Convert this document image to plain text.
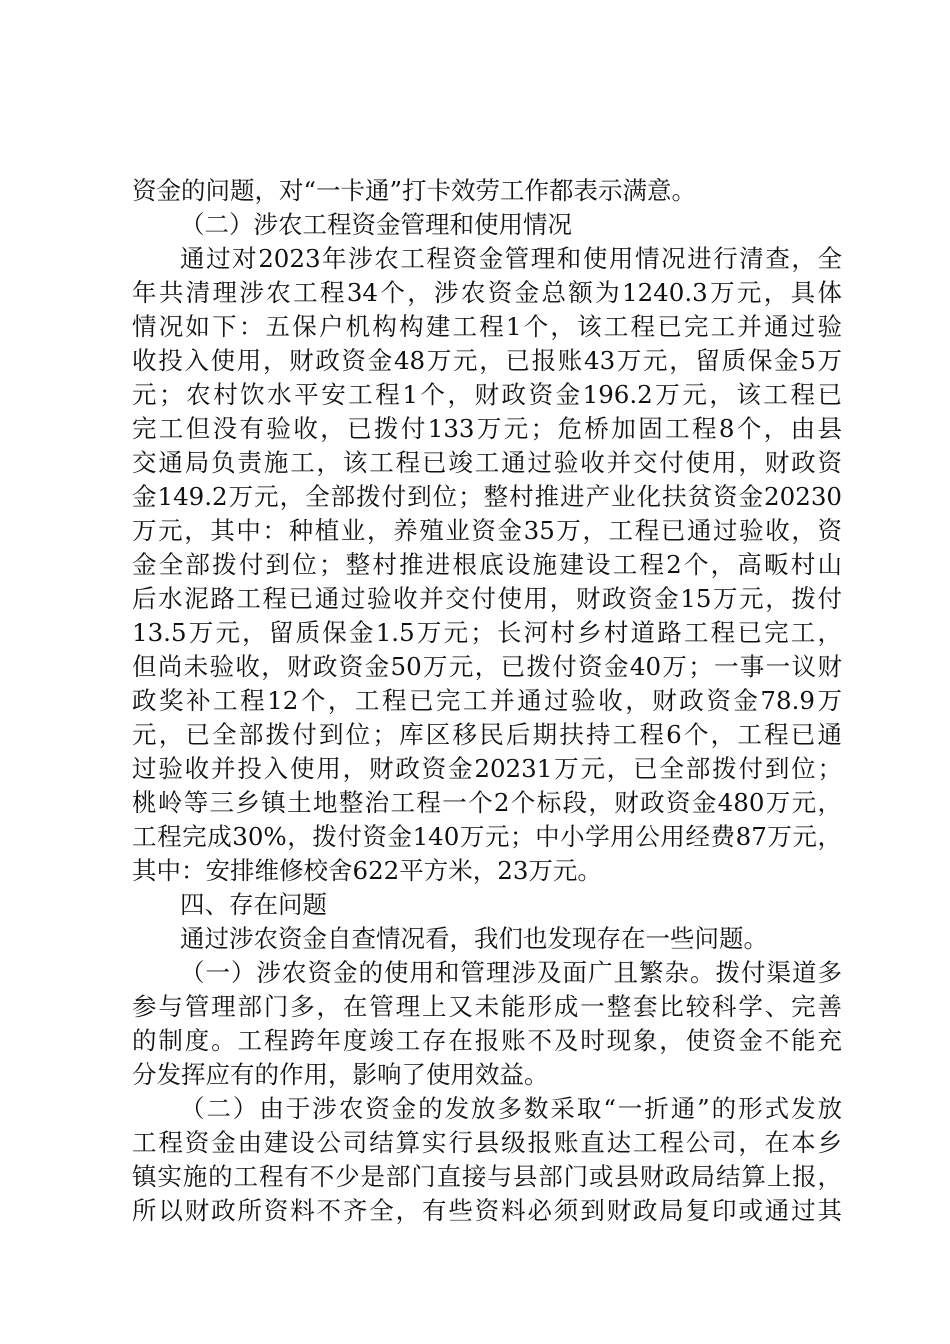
资金的问题，对“一卡通”打卡效劳工作都表示满意。
（二）涉农工程资金管理和使用情况
通过对2023年涉农工程资金管理和使用情况进行清查，全
年共清理涉农工程34个，涉农资金总额为1240.3万元，具体
情况如下：五保户机构构建工程1个，该工程已完工并通过验
收投入使用，财政资金48万元，已报账43万元，留质保金5万
元；农村饮水平安工程1个，财政资金196.2万元，该工程已
完工但没有验收，已拨付133万元；危桥加固工程8个，由县
交通局负责施工，该工程已竣工通过验收并交付使用，财政资
金149.2万元，全部拨付到位；整村推进产业化扶贫资金20230
万元，其中：种植业，养殖业资金35万，工程已通过验收，资
金全部拨付到位；整村推进根底设施建设工程2个，高畈村山
后水泥路工程已通过验收并交付使用，财政资金15万元，拨付
13.5万元，留质保金1.5万元；长河村乡村道路工程已完工，
但尚未验收，财政资金50万元，已拨付资金40万；一事一议财
政奖补工程12个，工程已完工并通过验收，财政资金78.9万
元，已全部拨付到位；库区移民后期扶持工程6个，工程已通
过验收并投入使用，财政资金20231万元，已全部拨付到位；
桃岭等三乡镇土地整治工程一个2个标段，财政资金480万元，
工程完成30%，拨付资金140万元；中小学用公用经费87万元，
其中：安排维修校舍622平方米，23万元。
四、存在问题
通过涉农资金自查情况看，我们也发现存在一些问题。
（一）涉农资金的使用和管理涉及面广且繁杂。拨付渠道多
参与管理部门多，在管理上又未能形成一整套比较科学、完善
的制度。工程跨年度竣工存在报账不及时现象，使资金不能充
分发挥应有的作用，影响了使用效益。
（二）由于涉农资金的发放多数采取“一折通”的形式发放
工程资金由建设公司结算实行县级报账直达工程公司，在本乡
镇实施的工程有不少是部门直接与县部门或县财政局结算上报，
所以财政所资料不齐全，有些资料必须到财政局复印或通过其
